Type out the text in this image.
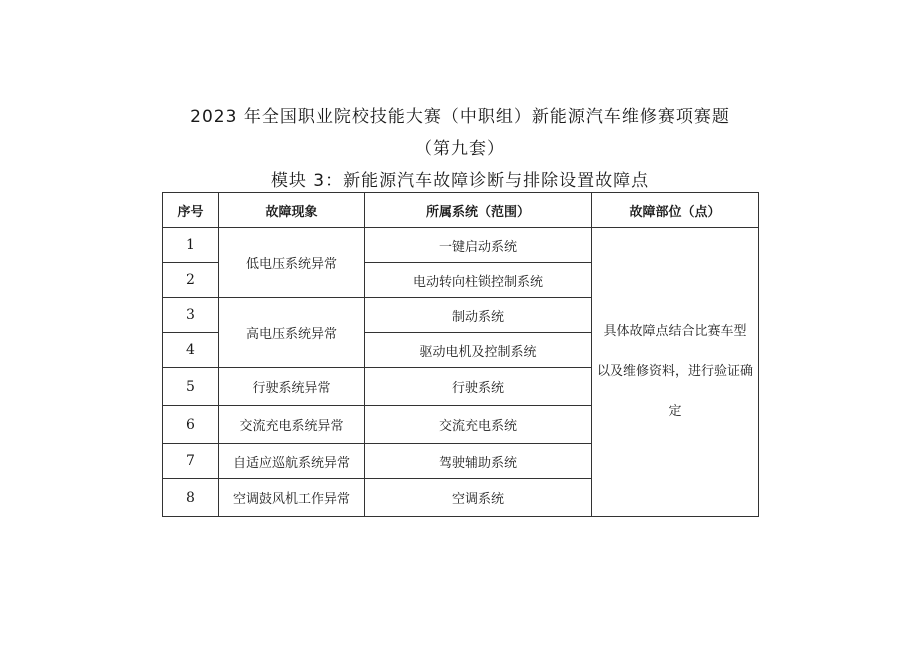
2023 年全国职业院校技能大赛（中职组）新能源汽车维修赛项赛题
（第九套）
模块 3：新能源汽车故障诊断与排除设置故障点
序号	故障现象	所属系统（范围）	故障部位（点）
1	低电压系统异常	一键启动系统	具体故障点结合比赛车型
以及维修资料，进行验证确
定

2		电动转向柱锁控制系统	
3	高电压系统异常	制动系统	
4		驱动电机及控制系统	
5	行驶系统异常	行驶系统	
6	交流充电系统异常	交流充电系统	
7	自适应巡航系统异常	驾驶辅助系统	
8	空调鼓风机工作异常	空调系统	
